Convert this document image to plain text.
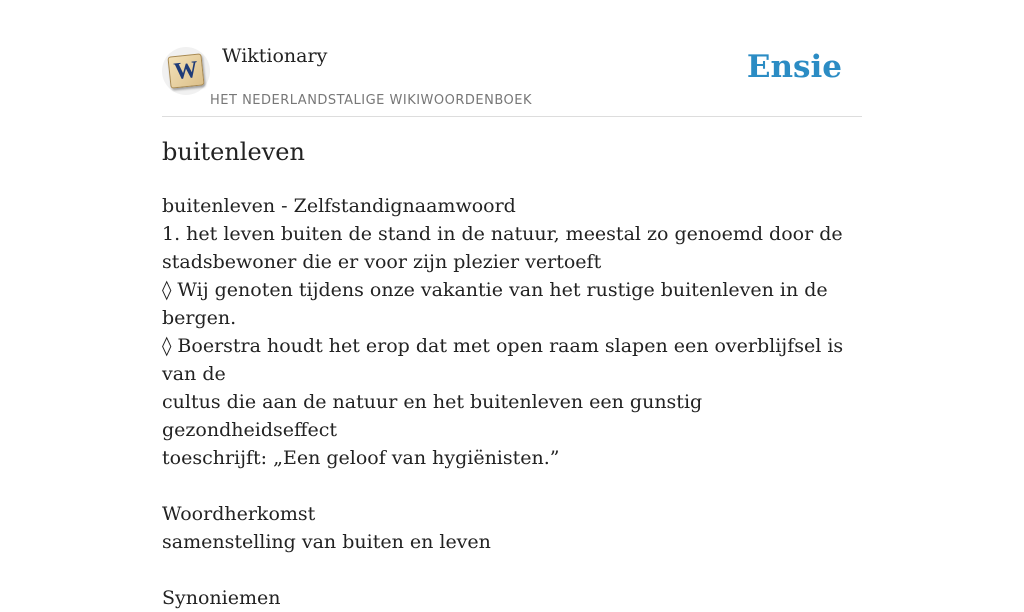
W
Wiktionary
HET NEDERLANDSTALIGE WIKIWOORDENBOEK
Ensie
buitenleven

buitenleven - Zelfstandignaamwoord

1. het leven buiten de stand in de natuur, meestal zo genoemd door de

stadsbewoner die er voor zijn plezier vertoeft

◊ Wij genoten tijdens onze vakantie van het rustige buitenleven in de bergen.

◊ Boerstra houdt het erop dat met open raam slapen een overblijfsel is van de

cultus die aan de natuur en het buitenleven een gunstig gezondheidseffect

toeschrijft: „Een geloof van hygiënisten.”

Woordherkomst

samenstelling van buiten en leven

Synoniemen
